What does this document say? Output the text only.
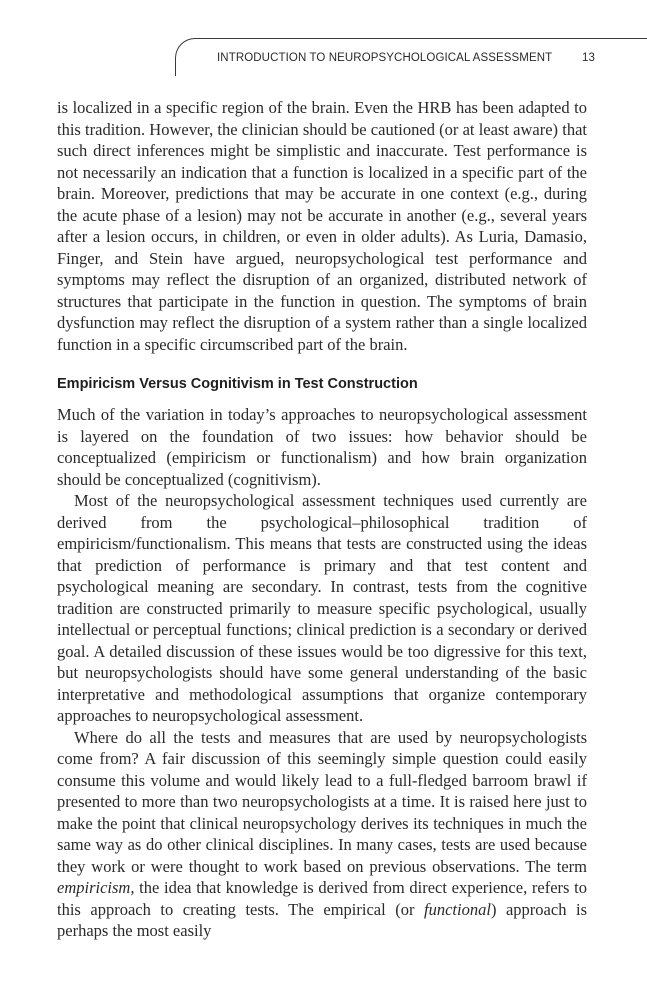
INTRODUCTION TO NEUROPSYCHOLOGICAL ASSESSMENT	13

is localized in a specific region of the brain. Even the HRB has been adapted to this tradition. However, the clinician should be cautioned (or at least aware) that such direct inferences might be simplistic and inaccurate. Test performance is not necessarily an indication that a function is localized in a specific part of the brain. Moreover, predictions that may be accurate in one context (e.g., during the acute phase of a lesion) may not be accurate in another (e.g., several years after a lesion occurs, in children, or even in older adults). As Luria, Damasio, Finger, and Stein have argued, neuropsychological test performance and symptoms may reflect the disruption of an organized, distributed network of structures that participate in the function in question. The symptoms of brain dysfunction may reflect the disruption of a system rather than a single localized function in a specific circumscribed part of the brain.

Empiricism Versus Cognitivism in Test Construction

Much of the variation in today’s approaches to neuropsychological assessment is layered on the foundation of two issues: how behavior should be conceptualized (empiricism or functionalism) and how brain organization should be conceptualized (cognitivism).

Most of the neuropsychological assessment techniques used currently are derived from the psychological–philosophical tradition of empiricism/functionalism. This means that tests are constructed using the ideas that prediction of performance is primary and that test content and psychological meaning are secondary. In contrast, tests from the cognitive tradition are constructed primarily to measure specific psychological, usually intellectual or perceptual functions; clinical prediction is a secondary or derived goal. A detailed discussion of these issues would be too digressive for this text, but neuropsychologists should have some general understanding of the basic interpretative and methodological assumptions that organize contemporary approaches to neuropsychological assessment.

Where do all the tests and measures that are used by neuropsychologists come from? A fair discussion of this seemingly simple question could easily consume this volume and would likely lead to a full-fledged barroom brawl if presented to more than two neuropsychologists at a time. It is raised here just to make the point that clinical neuropsychology derives its techniques in much the same way as do other clinical disciplines. In many cases, tests are used because they work or were thought to work based on previous observations. The term empiricism, the idea that knowledge is derived from direct experience, refers to this approach to creating tests. The empirical (or functional) approach is perhaps the most easily
